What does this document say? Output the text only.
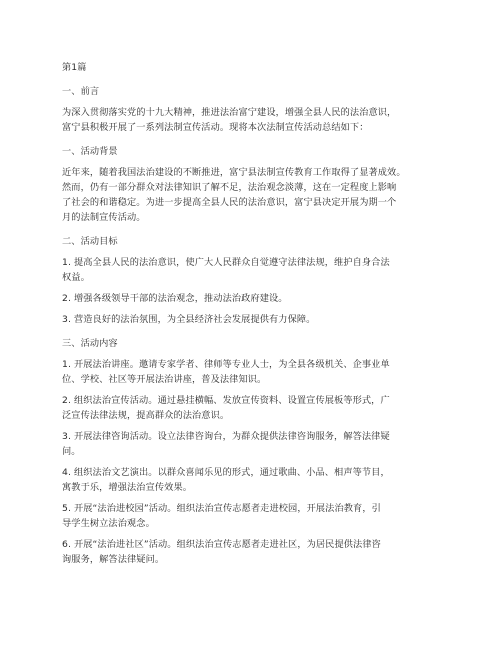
第1篇
一、前言
为深入贯彻落实党的十九大精神，推进法治富宁建设，增强全县人民的法治意识，
富宁县积极开展了一系列法制宣传活动。现将本次法制宣传活动总结如下：
一、活动背景
近年来，随着我国法治建设的不断推进，富宁县法制宣传教育工作取得了显著成效。
然而，仍有一部分群众对法律知识了解不足，法治观念淡薄，这在一定程度上影响
了社会的和谐稳定。为进一步提高全县人民的法治意识，富宁县决定开展为期一个
月的法制宣传活动。
二、活动目标
1. 提高全县人民的法治意识，使广大人民群众自觉遵守法律法规，维护自身合法
权益。
2. 增强各级领导干部的法治观念，推动法治政府建设。
3. 营造良好的法治氛围，为全县经济社会发展提供有力保障。
三、活动内容
1. 开展法治讲座。邀请专家学者、律师等专业人士，为全县各级机关、企事业单
位、学校、社区等开展法治讲座，普及法律知识。
2. 组织法治宣传活动。通过悬挂横幅、发放宣传资料、设置宣传展板等形式，广
泛宣传法律法规，提高群众的法治意识。
3. 开展法律咨询活动。设立法律咨询台，为群众提供法律咨询服务，解答法律疑
问。
4. 组织法治文艺演出。以群众喜闻乐见的形式，通过歌曲、小品、相声等节目，
寓教于乐，增强法治宣传效果。
5. 开展“法治进校园”活动。组织法治宣传志愿者走进校园，开展法治教育，引
导学生树立法治观念。
6. 开展“法治进社区”活动。组织法治宣传志愿者走进社区，为居民提供法律咨
询服务，解答法律疑问。
